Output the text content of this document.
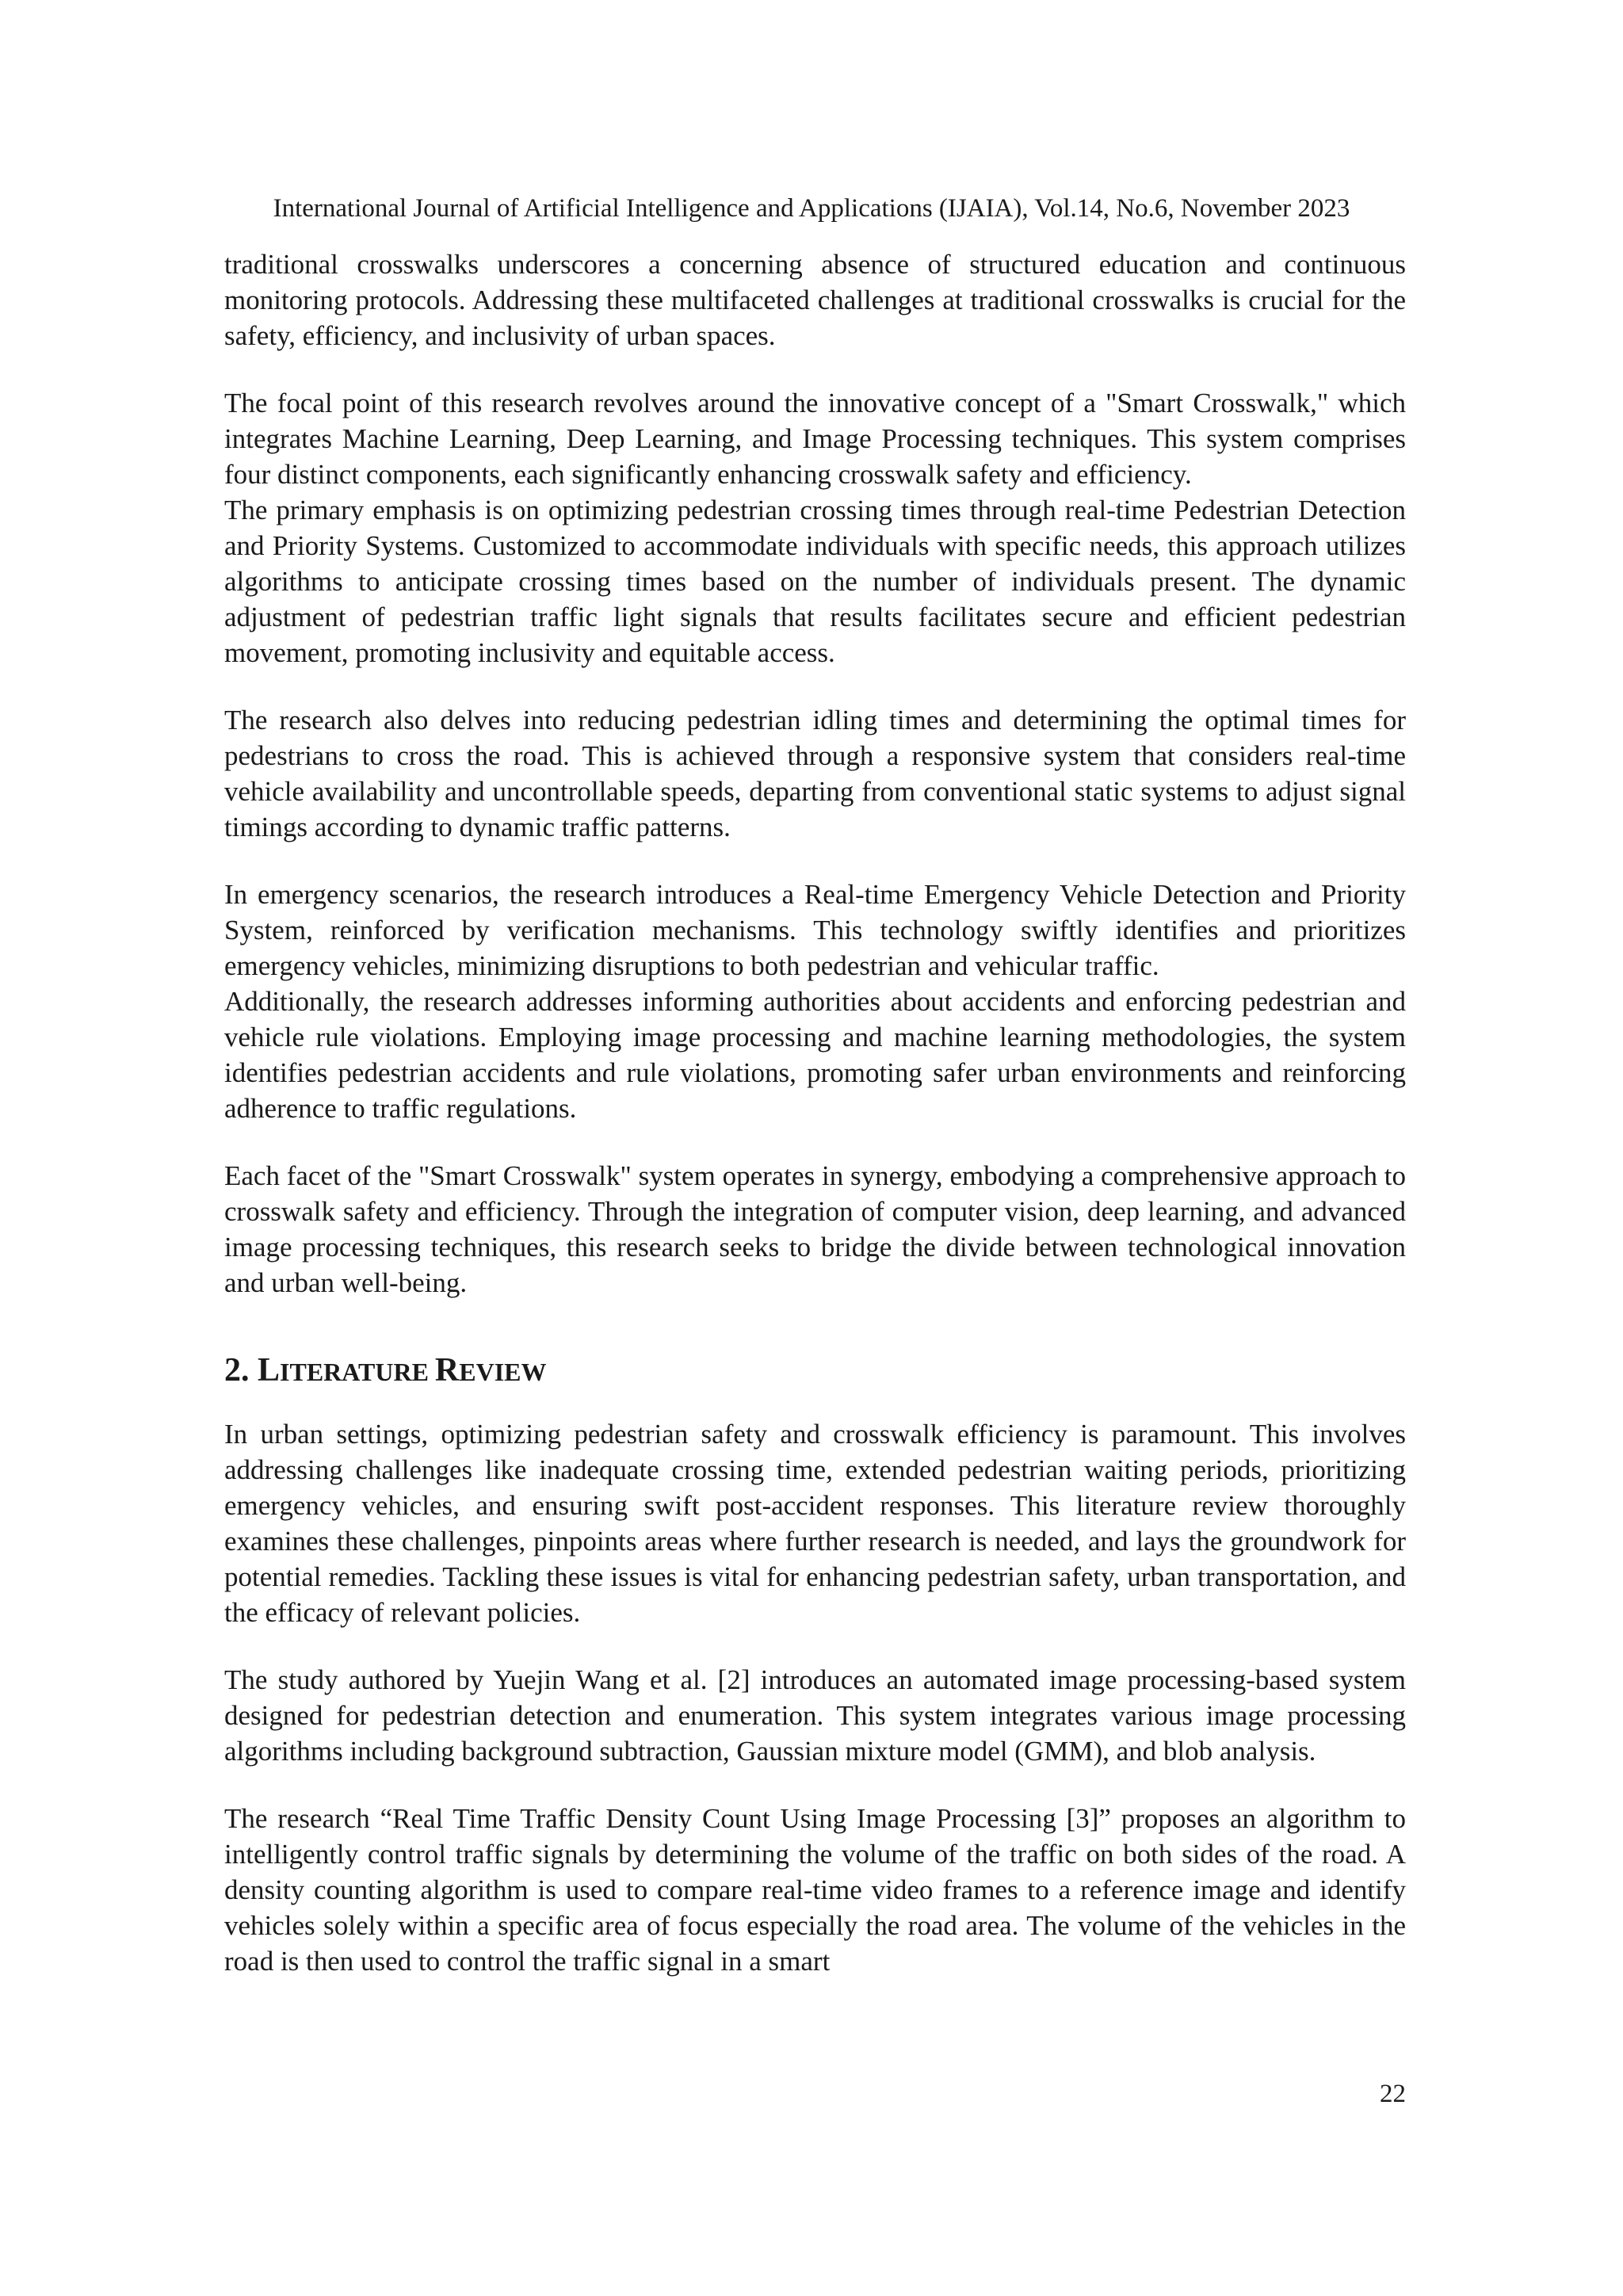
International Journal of Artificial Intelligence and Applications (IJAIA), Vol.14, No.6, November 2023

traditional crosswalks underscores a concerning absence of structured education and continuous monitoring protocols. Addressing these multifaceted challenges at traditional crosswalks is crucial for the safety, efficiency, and inclusivity of urban spaces.

The focal point of this research revolves around the innovative concept of a "Smart Crosswalk," which integrates Machine Learning, Deep Learning, and Image Processing techniques. This system comprises four distinct components, each significantly enhancing crosswalk safety and efficiency.

The primary emphasis is on optimizing pedestrian crossing times through real-time Pedestrian Detection and Priority Systems. Customized to accommodate individuals with specific needs, this approach utilizes algorithms to anticipate crossing times based on the number of individuals present. The dynamic adjustment of pedestrian traffic light signals that results facilitates secure and efficient pedestrian movement, promoting inclusivity and equitable access.

The research also delves into reducing pedestrian idling times and determining the optimal times for pedestrians to cross the road. This is achieved through a responsive system that considers real-time vehicle availability and uncontrollable speeds, departing from conventional static systems to adjust signal timings according to dynamic traffic patterns.

In emergency scenarios, the research introduces a Real-time Emergency Vehicle Detection and Priority System, reinforced by verification mechanisms. This technology swiftly identifies and prioritizes emergency vehicles, minimizing disruptions to both pedestrian and vehicular traffic.

Additionally, the research addresses informing authorities about accidents and enforcing pedestrian and vehicle rule violations. Employing image processing and machine learning methodologies, the system identifies pedestrian accidents and rule violations, promoting safer urban environments and reinforcing adherence to traffic regulations.

Each facet of the "Smart Crosswalk" system operates in synergy, embodying a comprehensive approach to crosswalk safety and efficiency. Through the integration of computer vision, deep learning, and advanced image processing techniques, this research seeks to bridge the divide between technological innovation and urban well-being.

2. LITERATURE REVIEW

In urban settings, optimizing pedestrian safety and crosswalk efficiency is paramount. This involves addressing challenges like inadequate crossing time, extended pedestrian waiting periods, prioritizing emergency vehicles, and ensuring swift post-accident responses. This literature review thoroughly examines these challenges, pinpoints areas where further research is needed, and lays the groundwork for potential remedies. Tackling these issues is vital for enhancing pedestrian safety, urban transportation, and the efficacy of relevant policies.

The study authored by Yuejin Wang et al. [2] introduces an automated image processing-based system designed for pedestrian detection and enumeration. This system integrates various image processing algorithms including background subtraction, Gaussian mixture model (GMM), and blob analysis.

The research “Real Time Traffic Density Count Using Image Processing [3]” proposes an algorithm to intelligently control traffic signals by determining the volume of the traffic on both sides of the road. A density counting algorithm is used to compare real-time video frames to a reference image and identify vehicles solely within a specific area of focus especially the road area. The volume of the vehicles in the road is then used to control the traffic signal in a smart

22
